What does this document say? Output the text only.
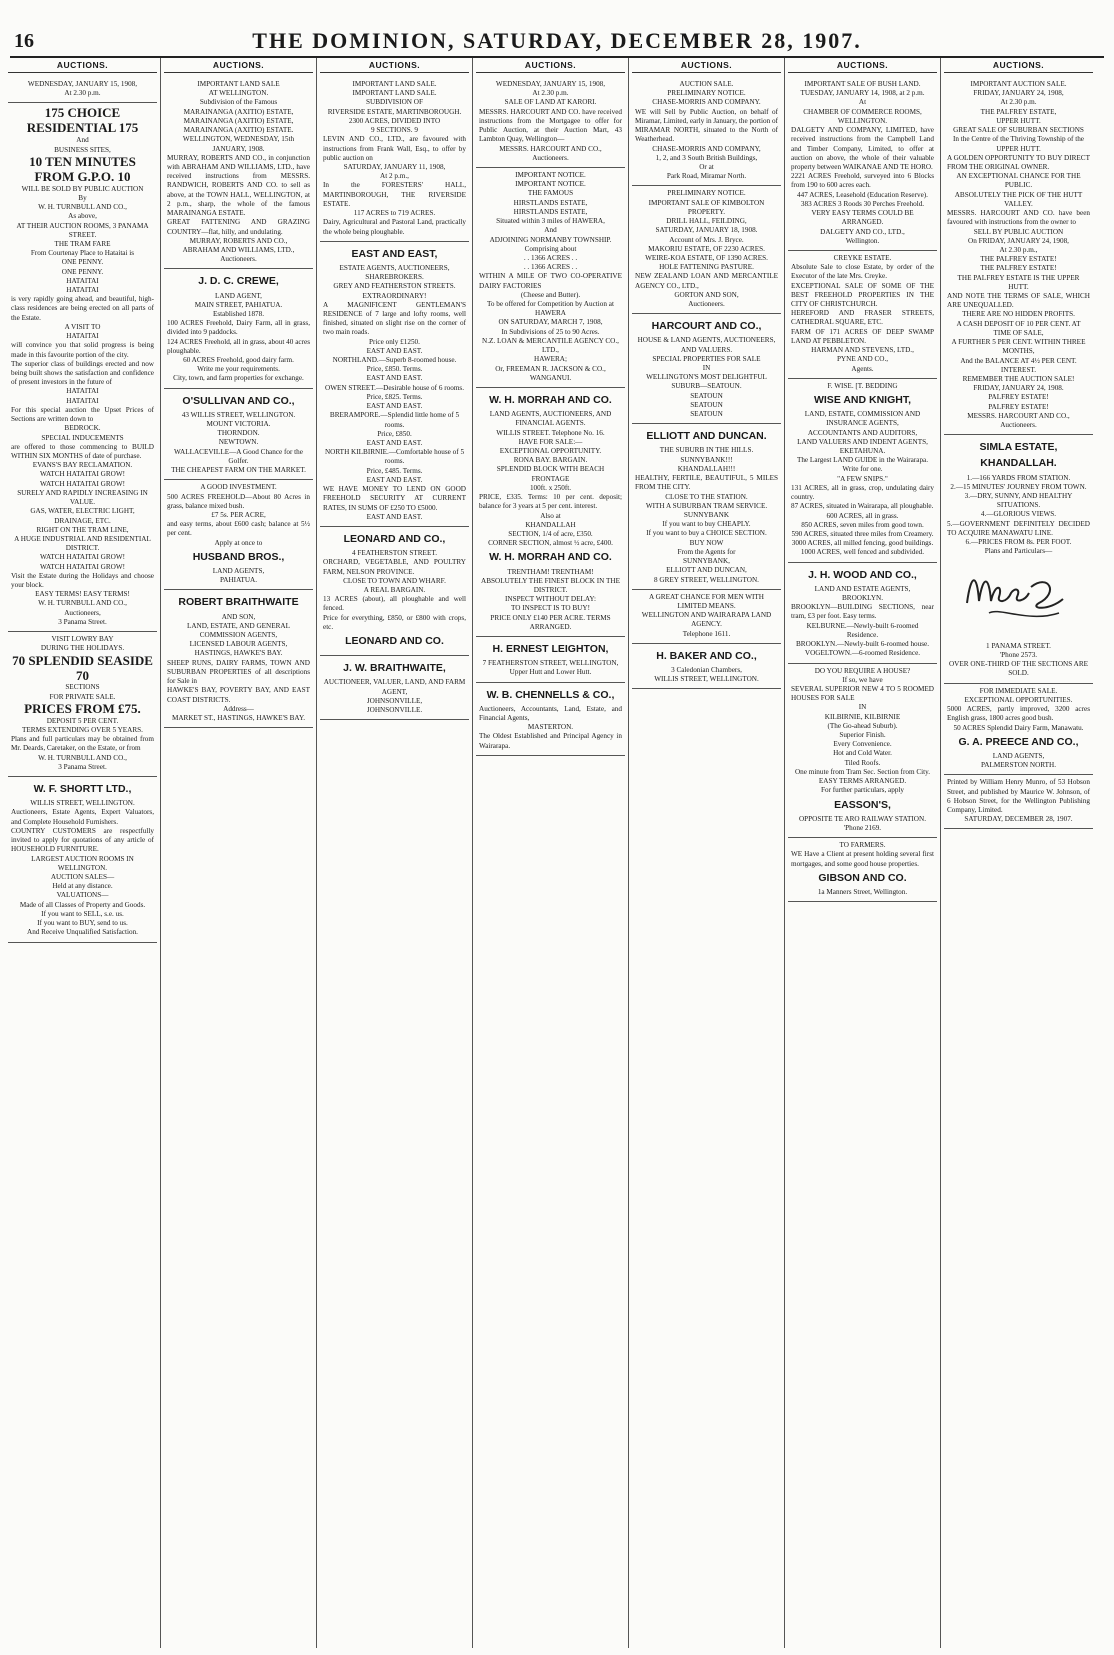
16	THE DOMINION, SATURDAY, DECEMBER 28, 1907.
AUCTIONS.
WEDNESDAY, JANUARY 15, 1908,
At 2.30 p.m.
175 CHOICE RESIDENTIAL 175
And
BUSINESS SITES,
10 TEN MINUTES FROM G.P.O. 10
WILL BE SOLD BY PUBLIC AUCTION
By
W. H. TURNBULL AND CO.,
As above,
AT THEIR AUCTION ROOMS, 3 PANAMA STREET.
THE TRAM FARE
From Courtenay Place to Hataitai is
ONE PENNY.
ONE PENNY.
HATAITAI
HATAITAI
is very rapidly going ahead, and beautiful, high-class residences are being erected on all parts of the Estate.
A VISIT TO
HATAITAI
will convince you that solid progress is being made in this favourite portion of the city.
The superior class of buildings erected and now being built shows the satisfaction and confidence of present investors in the future of
HATAITAI
HATAITAI
For this special auction the Upset Prices of Sections are written down to
BEDROCK.
SPECIAL INDUCEMENTS
are offered to those commencing to BUILD WITHIN SIX MONTHS of date of purchase.
EVANS'S BAY RECLAMATION.
WATCH HATAITAI GROW!
WATCH HATAITAI GROW!
SURELY AND RAPIDLY INCREASING IN VALUE.
GAS, WATER, ELECTRIC LIGHT, DRAINAGE, ETC.
RIGHT ON THE TRAM LINE,
A HUGE INDUSTRIAL AND RESIDENTIAL DISTRICT.
WATCH HATAITAI GROW!
WATCH HATAITAI GROW!
Visit the Estate during the Holidays and choose your block.
EASY TERMS! EASY TERMS!
W. H. TURNBULL AND CO.,
Auctioneers,
3 Panama Street.
VISIT LOWRY BAY
DURING THE HOLIDAYS.
70 SPLENDID SEASIDE 70
SECTIONS
FOR PRIVATE SALE.
PRICES FROM £75.
DEPOSIT 5 PER CENT.
TERMS EXTENDING OVER 5 YEARS.
Plans and full particulars may be obtained from Mr. Deards, Caretaker, on the Estate, or from
W. H. TURNBULL AND CO.,
3 Panama Street.
W. F. SHORTT LTD.,
WILLIS STREET, WELLINGTON.
Auctioneers, Estate Agents, Expert Valuators, and Complete Household Furnishers.
COUNTRY CUSTOMERS are respectfully invited to apply for quotations of any article of HOUSEHOLD FURNITURE.
LARGEST AUCTION ROOMS IN WELLINGTON.
AUCTION SALES—
Held at any distance.
VALUATIONS—
Made of all Classes of Property and Goods.
If you want to SELL, s.e. us.
If you want to BUY, send to us.
And Receive Unqualified Satisfaction.
AUCTIONS.
IMPORTANT LAND SALE
AT WELLINGTON.
Subdivision of the Famous
MARAINANGA (AXITIO) ESTATE,
MARAINANGA (AXITIO) ESTATE,
MARAINANGA (AXITIO) ESTATE.
WELLINGTON, WEDNESDAY, 15th JANUARY, 1908.
MURRAY, ROBERTS AND CO., in conjunction with ABRAHAM AND WILLIAMS, LTD., have received instructions from MESSRS. RANDWICH, ROBERTS AND CO. to sell as above, at the TOWN HALL, WELLINGTON, at 2 p.m., sharp, the whole of the famous MARAINANGA ESTATE.
GREAT FATTENING AND GRAZING COUNTRY—flat, hilly, and undulating.
MURRAY, ROBERTS AND CO.,
ABRAHAM AND WILLIAMS, LTD.,
Auctioneers.
J. D. C. CREWE,
LAND AGENT,
MAIN STREET, PAHIATUA.
Established 1878.
100 ACRES Freehold, Dairy Farm, all in grass, divided into 9 paddocks.
124 ACRES Freehold, all in grass, about 40 acres ploughable.
60 ACRES Freehold, good dairy farm.
Write me your requirements.
City, town, and farm properties for exchange.
O'SULLIVAN AND CO.,
43 WILLIS STREET, WELLINGTON.
MOUNT VICTORIA.
THORNDON.
NEWTOWN.
WALLACEVILLE—A Good Chance for the Golfer.
THE CHEAPEST FARM ON THE MARKET.
A GOOD INVESTMENT.
500 ACRES FREEHOLD—About 80 Acres in grass, balance mixed bush.
£7 5s. PER ACRE,
and easy terms, about £600 cash; balance at 5½ per cent.
Apply at once to
HUSBAND BROS.,
LAND AGENTS,
PAHIATUA.
ROBERT BRAITHWAITE
AND SON,
LAND, ESTATE, AND GENERAL COMMISSION AGENTS,
LICENSED LABOUR AGENTS,
HASTINGS, HAWKE'S BAY.
SHEEP RUNS, DAIRY FARMS, TOWN AND SUBURBAN PROPERTIES of all descriptions for Sale in
HAWKE'S BAY, POVERTY BAY, AND EAST COAST DISTRICTS.
Address—
MARKET ST., HASTINGS, HAWKE'S BAY.
AUCTIONS.
IMPORTANT LAND SALE.
IMPORTANT LAND SALE.
SUBDIVISION OF
RIVERSIDE ESTATE, MARTINBOROUGH.
2300 ACRES, DIVIDED INTO
9 SECTIONS. 9
LEVIN AND CO., LTD., are favoured with instructions from Frank Wall, Esq., to offer by public auction on
SATURDAY, JANUARY 11, 1908,
At 2 p.m.,
In the FORESTERS' HALL, MARTINBOROUGH, THE RIVERSIDE ESTATE.
117 ACRES to 719 ACRES.
Dairy, Agricultural and Pastoral Land, practically the whole being ploughable.
EAST AND EAST,
ESTATE AGENTS, AUCTIONEERS,
SHAREBROKERS.
GREY AND FEATHERSTON STREETS.
EXTRAORDINARY!
A MAGNIFICENT GENTLEMAN'S RESIDENCE of 7 large and lofty rooms, well finished, situated on slight rise on the corner of two main roads.
Price only £1250.
EAST AND EAST.
NORTHLAND.—Superb 8-roomed house.
Price, £850. Terms.
EAST AND EAST.
OWEN STREET.—Desirable house of 6 rooms.
Price, £825. Terms.
EAST AND EAST.
BRERAMPORE.—Splendid little home of 5 rooms.
Price, £850.
EAST AND EAST.
NORTH KILBIRNIE.—Comfortable house of 5 rooms.
Price, £485. Terms.
EAST AND EAST.
WE HAVE MONEY TO LEND ON GOOD FREEHOLD SECURITY AT CURRENT RATES, IN SUMS OF £250 TO £5000.
EAST AND EAST.
LEONARD AND CO.,
4 FEATHERSTON STREET.
ORCHARD, VEGETABLE, AND POULTRY FARM, NELSON PROVINCE.
CLOSE TO TOWN AND WHARF.
A REAL BARGAIN.
13 ACRES (about), all ploughable and well fenced.
Price for everything, £850, or £800 with crops, etc.
LEONARD AND CO.
J. W. BRAITHWAITE,
AUCTIONEER, VALUER, LAND, AND FARM AGENT,
JOHNSONVILLE,
JOHNSONVILLE.
AUCTIONS.
WEDNESDAY, JANUARY 15, 1908,
At 2.30 p.m.
SALE OF LAND AT KARORI.
MESSRS. HARCOURT AND CO. have received instructions from the Mortgagee to offer for Public Auction, at their Auction Mart, 43 Lambton Quay, Wellington—
MESSRS. HARCOURT AND CO.,
Auctioneers.
IMPORTANT NOTICE.
IMPORTANT NOTICE.
THE FAMOUS
HIRSTLANDS ESTATE,
HIRSTLANDS ESTATE,
Situated within 3 miles of HAWERA,
And
ADJOINING NORMANBY TOWNSHIP.
Comprising about
. . 1366 ACRES . .
. . 1366 ACRES . .
WITHIN A MILE OF TWO CO-OPERATIVE DAIRY FACTORIES
(Cheese and Butter).
To be offered for Competition by Auction at
HAWERA
ON SATURDAY, MARCH 7, 1908,
In Subdivisions of 25 to 90 Acres.
N.Z. LOAN & MERCANTILE AGENCY CO., LTD.,
HAWERA;
Or, FREEMAN R. JACKSON & CO.,
WANGANUI.
W. H. MORRAH AND CO.
LAND AGENTS, AUCTIONEERS, AND FINANCIAL AGENTS.
WILLIS STREET. Telephone No. 16.
HAVE FOR SALE:—
EXCEPTIONAL OPPORTUNITY.
RONA BAY. BARGAIN.
SPLENDID BLOCK WITH BEACH FRONTAGE
100ft. x 250ft.
PRICE, £335. Terms: 10 per cent. deposit; balance for 3 years at 5 per cent. interest.
Also at
KHANDALLAH
SECTION, 1/4 of acre, £350.
CORNER SECTION, almost ½ acre, £400.
W. H. MORRAH AND CO.
TRENTHAM! TRENTHAM!
ABSOLUTELY THE FINEST BLOCK IN THE DISTRICT.
INSPECT WITHOUT DELAY:
TO INSPECT IS TO BUY!
PRICE ONLY £140 PER ACRE. TERMS ARRANGED.
H. ERNEST LEIGHTON,
7 FEATHERSTON STREET, WELLINGTON,
Upper Hutt and Lower Hutt.
W. B. CHENNELLS & CO.,
Auctioneers, Accountants, Land, Estate, and Financial Agents,
MASTERTON.
The Oldest Established and Principal Agency in Wairarapa.
AUCTIONS.
AUCTION SALE.
PRELIMINARY NOTICE.
CHASE-MORRIS AND COMPANY.
WE will Sell by Public Auction, on behalf of Miramar, Limited, early in January, the portion of MIRAMAR NORTH, situated to the North of Weatherhead.
CHASE-MORRIS AND COMPANY,
1, 2, and 3 South British Buildings,
Or at
Park Road, Miramar North.
PRELIMINARY NOTICE.
IMPORTANT SALE OF KIMBOLTON PROPERTY.
DRILL HALL, FEILDING,
SATURDAY, JANUARY 18, 1908.
Account of Mrs. J. Bryce.
MAKORIU ESTATE, OF 2230 ACRES.
WEIRE-KOA ESTATE, OF 1390 ACRES.
HOLE FATTENING PASTURE.
NEW ZEALAND LOAN AND MERCANTILE AGENCY CO., LTD.,
GORTON AND SON,
Auctioneers.
HARCOURT AND CO.,
HOUSE & LAND AGENTS, AUCTIONEERS, AND VALUERS.
SPECIAL PROPERTIES FOR SALE
IN
WELLINGTON'S MOST DELIGHTFUL SUBURB—SEATOUN.
SEATOUN
SEATOUN
SEATOUN
ELLIOTT AND DUNCAN.
THE SUBURB IN THE HILLS.
SUNNYBANK!!!
KHANDALLAH!!!
HEALTHY, FERTILE, BEAUTIFUL, 5 MILES FROM THE CITY.
CLOSE TO THE STATION.
WITH A SUBURBAN TRAM SERVICE.
SUNNYBANK
If you want to buy CHEAPLY.
If you want to buy a CHOICE SECTION.
BUY NOW
From the Agents for
SUNNYBANK,
ELLIOTT AND DUNCAN,
8 GREY STREET, WELLINGTON.
A GREAT CHANCE FOR MEN WITH LIMITED MEANS.
WELLINGTON AND WAIRARAPA LAND AGENCY.
Telephone 1611.
H. BAKER AND CO.,
3 Caledonian Chambers,
WILLIS STREET, WELLINGTON.
AUCTIONS.
IMPORTANT SALE OF BUSH LAND.
TUESDAY, JANUARY 14, 1908, at 2 p.m.
At
CHAMBER OF COMMERCE ROOMS, WELLINGTON.
DALGETY AND COMPANY, LIMITED, have received instructions from the Campbell Land and Timber Company, Limited, to offer at auction on above, the whole of their valuable property between WAIKANAE AND TE HORO.
2221 ACRES Freehold, surveyed into 6 Blocks from 190 to 600 acres each.
447 ACRES, Leasehold (Education Reserve).
383 ACRES 3 Roods 30 Perches Freehold.
VERY EASY TERMS COULD BE ARRANGED.
DALGETY AND CO., LTD.,
Wellington.
CREYKE ESTATE.
Absolute Sale to close Estate, by order of the Executor of the late Mrs. Creyke.
EXCEPTIONAL SALE OF SOME OF THE BEST FREEHOLD PROPERTIES IN THE CITY OF CHRISTCHURCH.
HEREFORD AND FRASER STREETS, CATHEDRAL SQUARE, ETC.
FARM OF 171 ACRES OF DEEP SWAMP LAND AT PEBBLETON.
HARMAN AND STEVENS, LTD.,
PYNE AND CO.,
Agents.
F. WISE. [T. BEDDING
WISE AND KNIGHT,
LAND, ESTATE, COMMISSION AND INSURANCE AGENTS,
ACCOUNTANTS AND AUDITORS,
LAND VALUERS AND INDENT AGENTS,
EKETAHUNA.
The Largest LAND GUIDE in the Wairarapa.
Write for one.
"A FEW SNIPS."
131 ACRES, all in grass, crop, undulating dairy country.
87 ACRES, situated in Wairarapa, all ploughable.
600 ACRES, all in grass.
850 ACRES, seven miles from good town.
590 ACRES, situated three miles from Creamery.
3000 ACRES, all milled fencing, good buildings.
1000 ACRES, well fenced and subdivided.
J. H. WOOD AND CO.,
LAND AND ESTATE AGENTS,
BROOKLYN.
BROOKLYN—BUILDING SECTIONS, near tram, £3 per foot. Easy terms.
KELBURNE.—Newly-built 6-roomed Residence.
BROOKLYN.—Newly-built 6-roomed house.
VOGELTOWN.—6-roomed Residence.
DO YOU REQUIRE A HOUSE?
If so, we have
SEVERAL SUPERIOR NEW 4 TO 5 ROOMED HOUSES FOR SALE
IN
KILBIRNIE, KILBIRNIE
(The Go-ahead Suburb).
Superior Finish.
Every Convenience.
Hot and Cold Water.
Tiled Roofs.
One minute from Tram Sec. Section from City.
EASY TERMS ARRANGED.
For further particulars, apply
EASSON'S,
OPPOSITE TE ARO RAILWAY STATION.
'Phone 2169.
TO FARMERS.
WE Have a Client at present holding several first mortgages, and some good house properties.
GIBSON AND CO.
1a Manners Street, Wellington.
AUCTIONS.
IMPORTANT AUCTION SALE.
FRIDAY, JANUARY 24, 1908,
At 2.30 p.m.
THE PALFREY ESTATE,
UPPER HUTT.
GREAT SALE OF SUBURBAN SECTIONS
In the Centre of the Thriving Township of the
UPPER HUTT.
A GOLDEN OPPORTUNITY TO BUY DIRECT FROM THE ORIGINAL OWNER.
AN EXCEPTIONAL CHANCE FOR THE PUBLIC.
ABSOLUTELY THE PICK OF THE HUTT VALLEY.
MESSRS. HARCOURT AND CO. have been favoured with instructions from the owner to
SELL BY PUBLIC AUCTION
On FRIDAY, JANUARY 24, 1908,
At 2.30 p.m.,
THE PALFREY ESTATE!
THE PALFREY ESTATE!
THE PALFREY ESTATE IS THE UPPER HUTT.
AND NOTE THE TERMS OF SALE, WHICH ARE UNEQUALLED.
THERE ARE NO HIDDEN PROFITS.
A CASH DEPOSIT OF 10 PER CENT. AT TIME OF SALE,
A FURTHER 5 PER CENT. WITHIN THREE MONTHS,
And the BALANCE AT 4½ PER CENT. INTEREST.
REMEMBER THE AUCTION SALE!
FRIDAY, JANUARY 24, 1908.
PALFREY ESTATE!
PALFREY ESTATE!
MESSRS. HARCOURT AND CO.,
Auctioneers.
SIMLA ESTATE,
KHANDALLAH.
1.—166 YARDS FROM STATION.
2.—15 MINUTES' JOURNEY FROM TOWN.
3.—DRY, SUNNY, AND HEALTHY SITUATIONS.
4.—GLORIOUS VIEWS.
5.—GOVERNMENT DEFINITELY DECIDED TO ACQUIRE MANAWATU LINE.
6.—PRICES FROM 8s. PER FOOT.
Plans and Particulars—
1 PANAMA STREET.
'Phone 2573.
OVER ONE-THIRD OF THE SECTIONS ARE SOLD.
FOR IMMEDIATE SALE.
EXCEPTIONAL OPPORTUNITIES.
5000 ACRES, partly improved, 3200 acres English grass, 1800 acres good bush.
50 ACRES Splendid Dairy Farm, Manawatu.
G. A. PREECE AND CO.,
LAND AGENTS,
PALMERSTON NORTH.
Printed by William Henry Munro, of 53 Hobson Street, and published by Maurice W. Johnson, of 6 Hobson Street, for the Wellington Publishing Company, Limited.
SATURDAY, DECEMBER 28, 1907.
